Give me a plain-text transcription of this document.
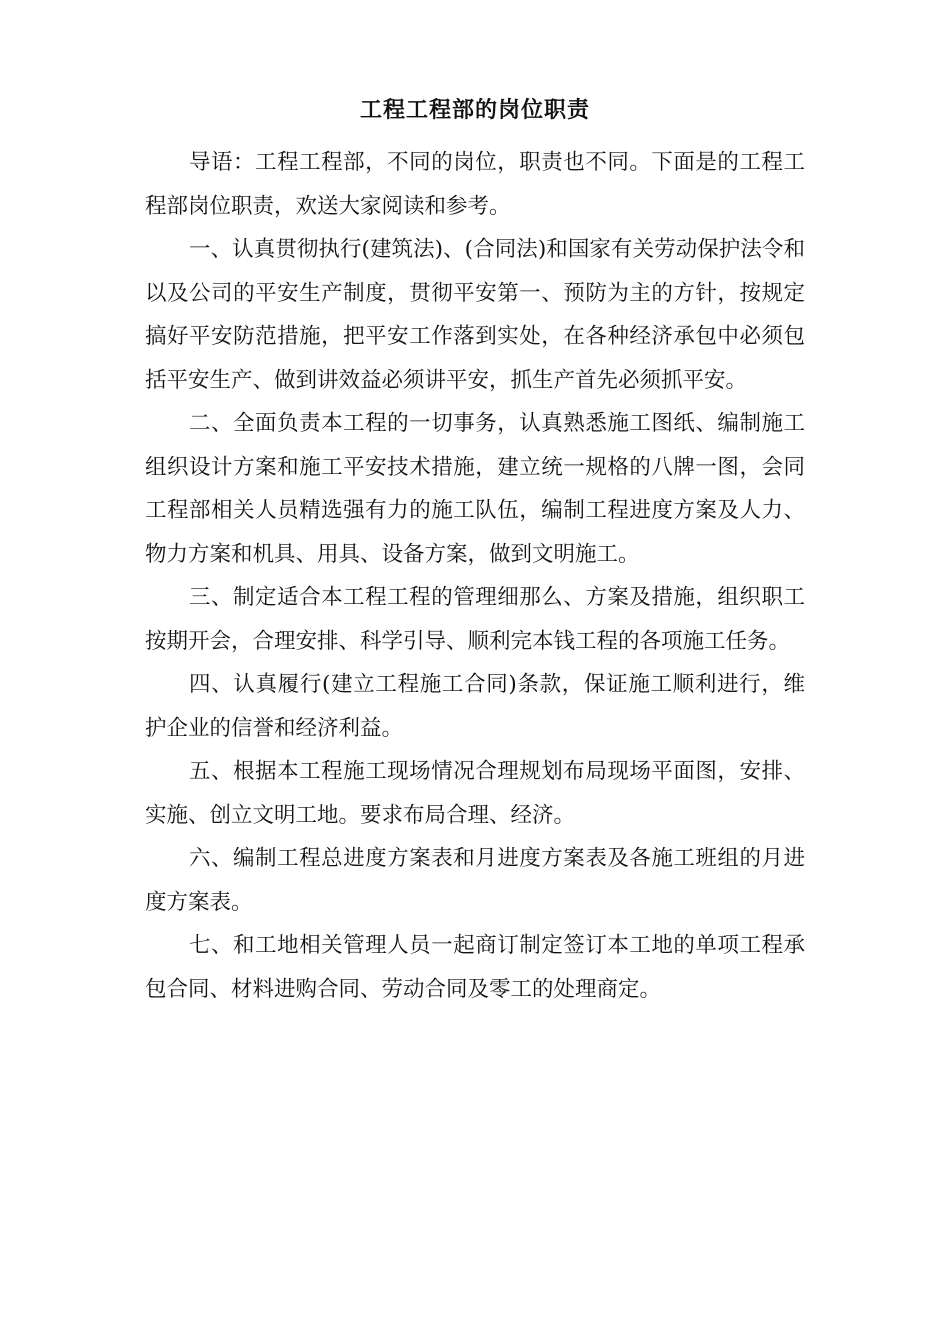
工程工程部的岗位职责

导语：工程工程部，不同的岗位，职责也不同。下面是的工程工程部岗位职责，欢送大家阅读和参考。

一、认真贯彻执行(建筑法)、(合同法)和国家有关劳动保护法令和以及公司的平安生产制度，贯彻平安第一、预防为主的方针，按规定搞好平安防范措施，把平安工作落到实处，在各种经济承包中必须包括平安生产、做到讲效益必须讲平安，抓生产首先必须抓平安。

二、全面负责本工程的一切事务，认真熟悉施工图纸、编制施工组织设计方案和施工平安技术措施，建立统一规格的八牌一图，会同工程部相关人员精选强有力的施工队伍，编制工程进度方案及人力、物力方案和机具、用具、设备方案，做到文明施工。

三、制定适合本工程工程的管理细那么、方案及措施，组织职工按期开会，合理安排、科学引导、顺利完本钱工程的各项施工任务。

四、认真履行(建立工程施工合同)条款，保证施工顺利进行，维护企业的信誉和经济利益。

五、根据本工程施工现场情况合理规划布局现场平面图，安排、实施、创立文明工地。要求布局合理、经济。

六、编制工程总进度方案表和月进度方案表及各施工班组的月进度方案表。

七、和工地相关管理人员一起商订制定签订本工地的单项工程承包合同、材料进购合同、劳动合同及零工的处理商定。
